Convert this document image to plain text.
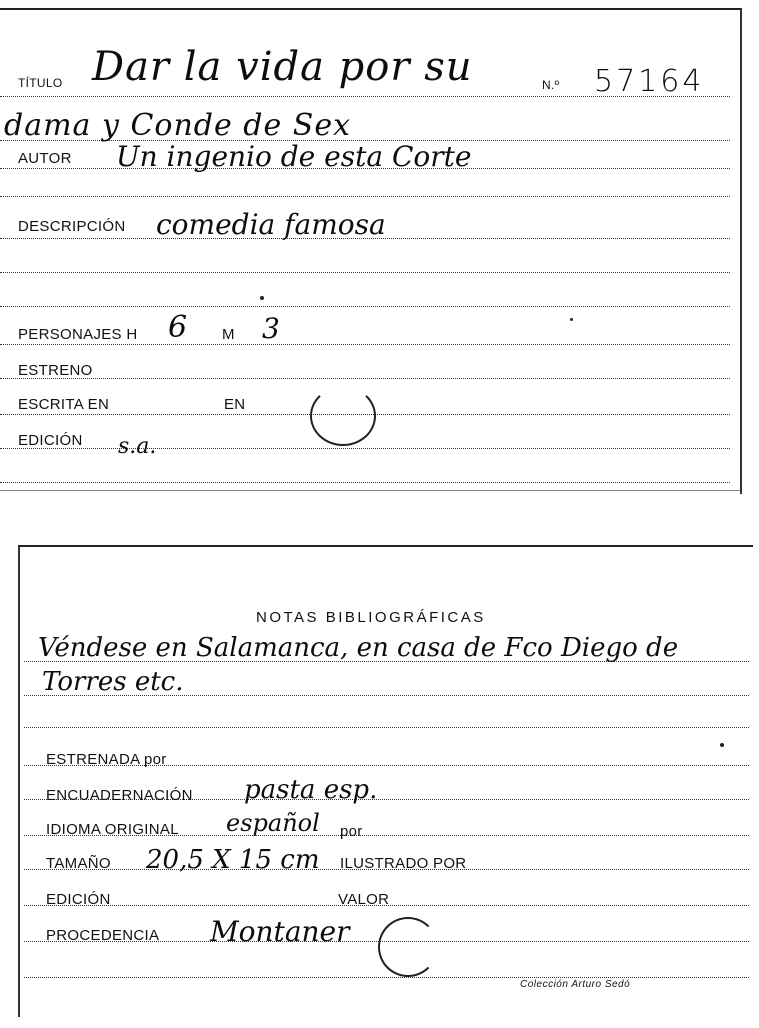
TÍTULO Dar la vida por su	N.º 57164
dama y Conde de Sex
AUTOR Un ingenio de esta Corte
DESCRIPCIÓN comedia famosa
PERSONAJES H 6 M 3
ESTRENO
ESCRITA EN	EN
EDICIÓN s.a.
NOTAS BIBLIOGRÁFICAS
Véndese en Salamanca, en casa de Fco Diego de
Torres etc.
ESTRENADA por
ENCUADERNACIÓN pasta esp.
IDIOMA ORIGINAL español por
TAMAÑO 20,5 X 15 cm ILUSTRADO POR
EDICIÓN	VALOR
PROCEDENCIA Montaner
Colección Arturo Sedó
